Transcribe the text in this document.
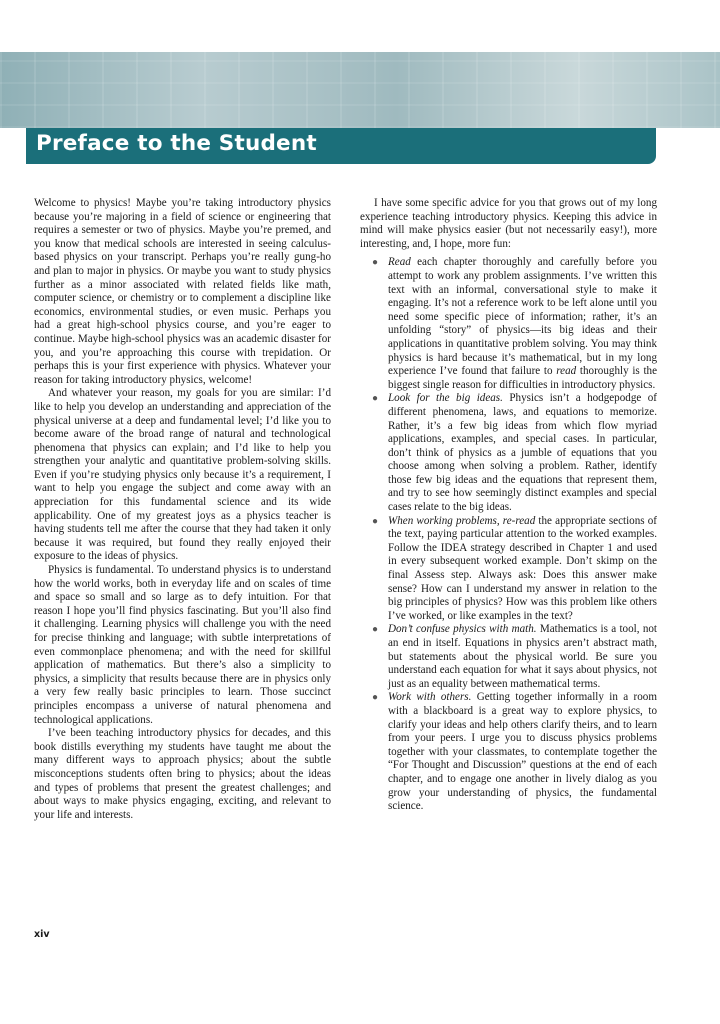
Preface to the Student

Welcome to physics! Maybe you’re taking introductory physics because you’re majoring in a field of science or engineering that requires a semester or two of physics. Maybe you’re premed, and you know that medical schools are interested in seeing calculus-based physics on your transcript. Perhaps you’re really gung-ho and plan to major in physics. Or maybe you want to study physics further as a minor associated with related fields like math, computer science, or chemistry or to complement a discipline like economics, environmental studies, or even music. Perhaps you had a great high-school physics course, and you’re eager to continue. Maybe high-school physics was an academic disaster for you, and you’re approaching this course with trepidation. Or perhaps this is your first experience with physics. Whatever your reason for taking introductory physics, welcome!

And whatever your reason, my goals for you are similar: I’d like to help you develop an understanding and appreciation of the physical universe at a deep and fundamental level; I’d like you to become aware of the broad range of natural and technological phenomena that physics can explain; and I’d like to help you strengthen your analytic and quantitative problem-solving skills. Even if you’re studying physics only because it’s a requirement, I want to help you engage the subject and come away with an appreciation for this fundamental science and its wide applicability. One of my greatest joys as a physics teacher is having students tell me after the course that they had taken it only because it was required, but found they really enjoyed their exposure to the ideas of physics.

Physics is fundamental. To understand physics is to understand how the world works, both in everyday life and on scales of time and space so small and so large as to defy intuition. For that reason I hope you’ll find physics fascinating. But you’ll also find it challenging. Learning physics will challenge you with the need for precise thinking and language; with subtle interpretations of even commonplace phenomena; and with the need for skillful application of mathematics. But there’s also a simplicity to physics, a simplicity that results because there are in physics only a very few really basic principles to learn. Those succinct principles encompass a universe of natural phenomena and technological applications.

I’ve been teaching introductory physics for decades, and this book distills everything my students have taught me about the many different ways to approach physics; about the subtle misconceptions students often bring to physics; about the ideas and types of problems that present the greatest challenges; and about ways to make physics engaging, exciting, and relevant to your life and interests.

I have some specific advice for you that grows out of my long experience teaching introductory physics. Keeping this advice in mind will make physics easier (but not necessarily easy!), more interesting, and, I hope, more fun:

● Read each chapter thoroughly and carefully before you attempt to work any problem assignments. I’ve written this text with an informal, conversational style to make it engaging. It’s not a reference work to be left alone until you need some specific piece of information; rather, it’s an unfolding “story” of physics—its big ideas and their applications in quantitative problem solving. You may think physics is hard because it’s mathematical, but in my long experience I’ve found that failure to read thoroughly is the biggest single reason for difficulties in introductory physics.
● Look for the big ideas. Physics isn’t a hodgepodge of different phenomena, laws, and equations to memorize. Rather, it’s a few big ideas from which flow myriad applications, examples, and special cases. In particular, don’t think of physics as a jumble of equations that you choose among when solving a problem. Rather, identify those few big ideas and the equations that represent them, and try to see how seemingly distinct examples and special cases relate to the big ideas.
● When working problems, re-read the appropriate sections of the text, paying particular attention to the worked examples. Follow the IDEA strategy described in Chapter 1 and used in every subsequent worked example. Don’t skimp on the final Assess step. Always ask: Does this answer make sense? How can I understand my answer in relation to the big principles of physics? How was this problem like others I’ve worked, or like examples in the text?
● Don’t confuse physics with math. Mathematics is a tool, not an end in itself. Equations in physics aren’t abstract math, but statements about the physical world. Be sure you understand each equation for what it says about physics, not just as an equality between mathematical terms.
● Work with others. Getting together informally in a room with a blackboard is a great way to explore physics, to clarify your ideas and help others clarify theirs, and to learn from your peers. I urge you to discuss physics problems together with your classmates, to contemplate together the “For Thought and Discussion” questions at the end of each chapter, and to engage one another in lively dialog as you grow your understanding of physics, the fundamental science.
xiv
